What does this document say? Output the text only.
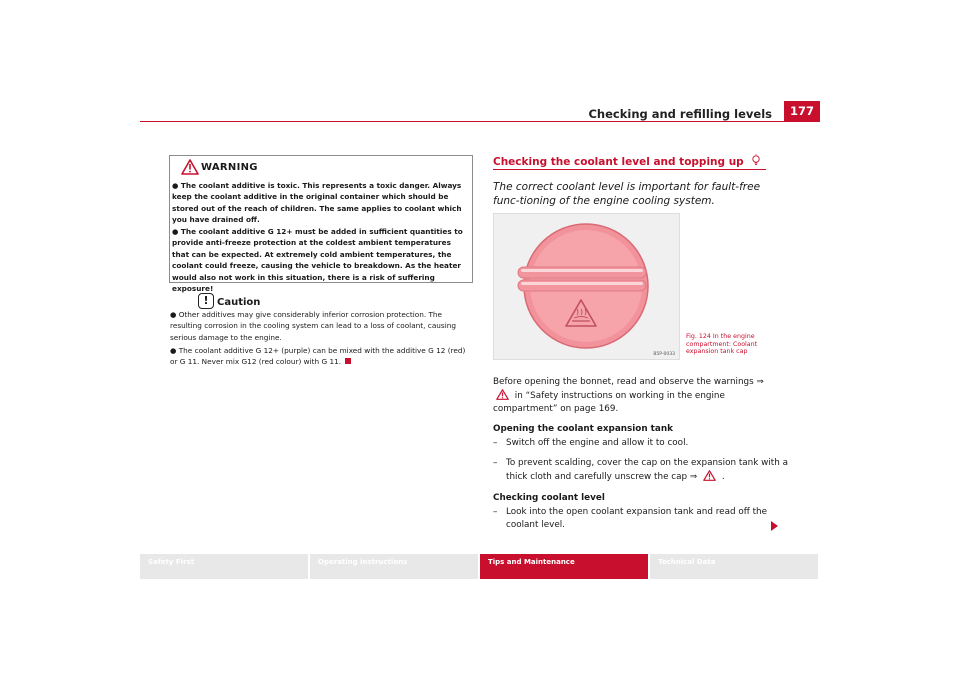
Checking and refilling levels	177
WARNING
● The coolant additive is toxic. This represents a toxic danger. Always keep the coolant additive in the original container which should be stored out of the reach of children. The same applies to coolant which you have drained off.
● The coolant additive G 12+ must be added in sufficient quantities to provide anti-freeze protection at the coldest ambient temperatures that can be expected. At extremely cold ambient temperatures, the coolant could freeze, causing the vehicle to breakdown. As the heater would also not work in this situation, there is a risk of suffering exposure!
! Caution
● Other additives may give considerably inferior corrosion protection. The resulting corrosion in the cooling system can lead to a loss of coolant, causing serious damage to the engine.
● The coolant additive G 12+ (purple) can be mixed with the additive G 12 (red) or G 11. Never mix G12 (red colour) with G 11.
Checking the coolant level and topping up
The correct coolant level is important for fault-free func-tioning of the engine cooling system.
B5P-0033
Fig. 124 In the engine compartment: Coolant expansion tank cap
Before opening the bonnet, read and observe the warnings ⇒  in “Safety instructions on working in the engine compartment” on page 169.
Opening the coolant expansion tank
– Switch off the engine and allow it to cool.
– To prevent scalding, cover the cap on the expansion tank with a thick cloth and carefully unscrew the cap ⇒  .
Checking coolant level
– Look into the open coolant expansion tank and read off the coolant level.
Safety First	Operating instructions	Tips and Maintenance	Technical Data
